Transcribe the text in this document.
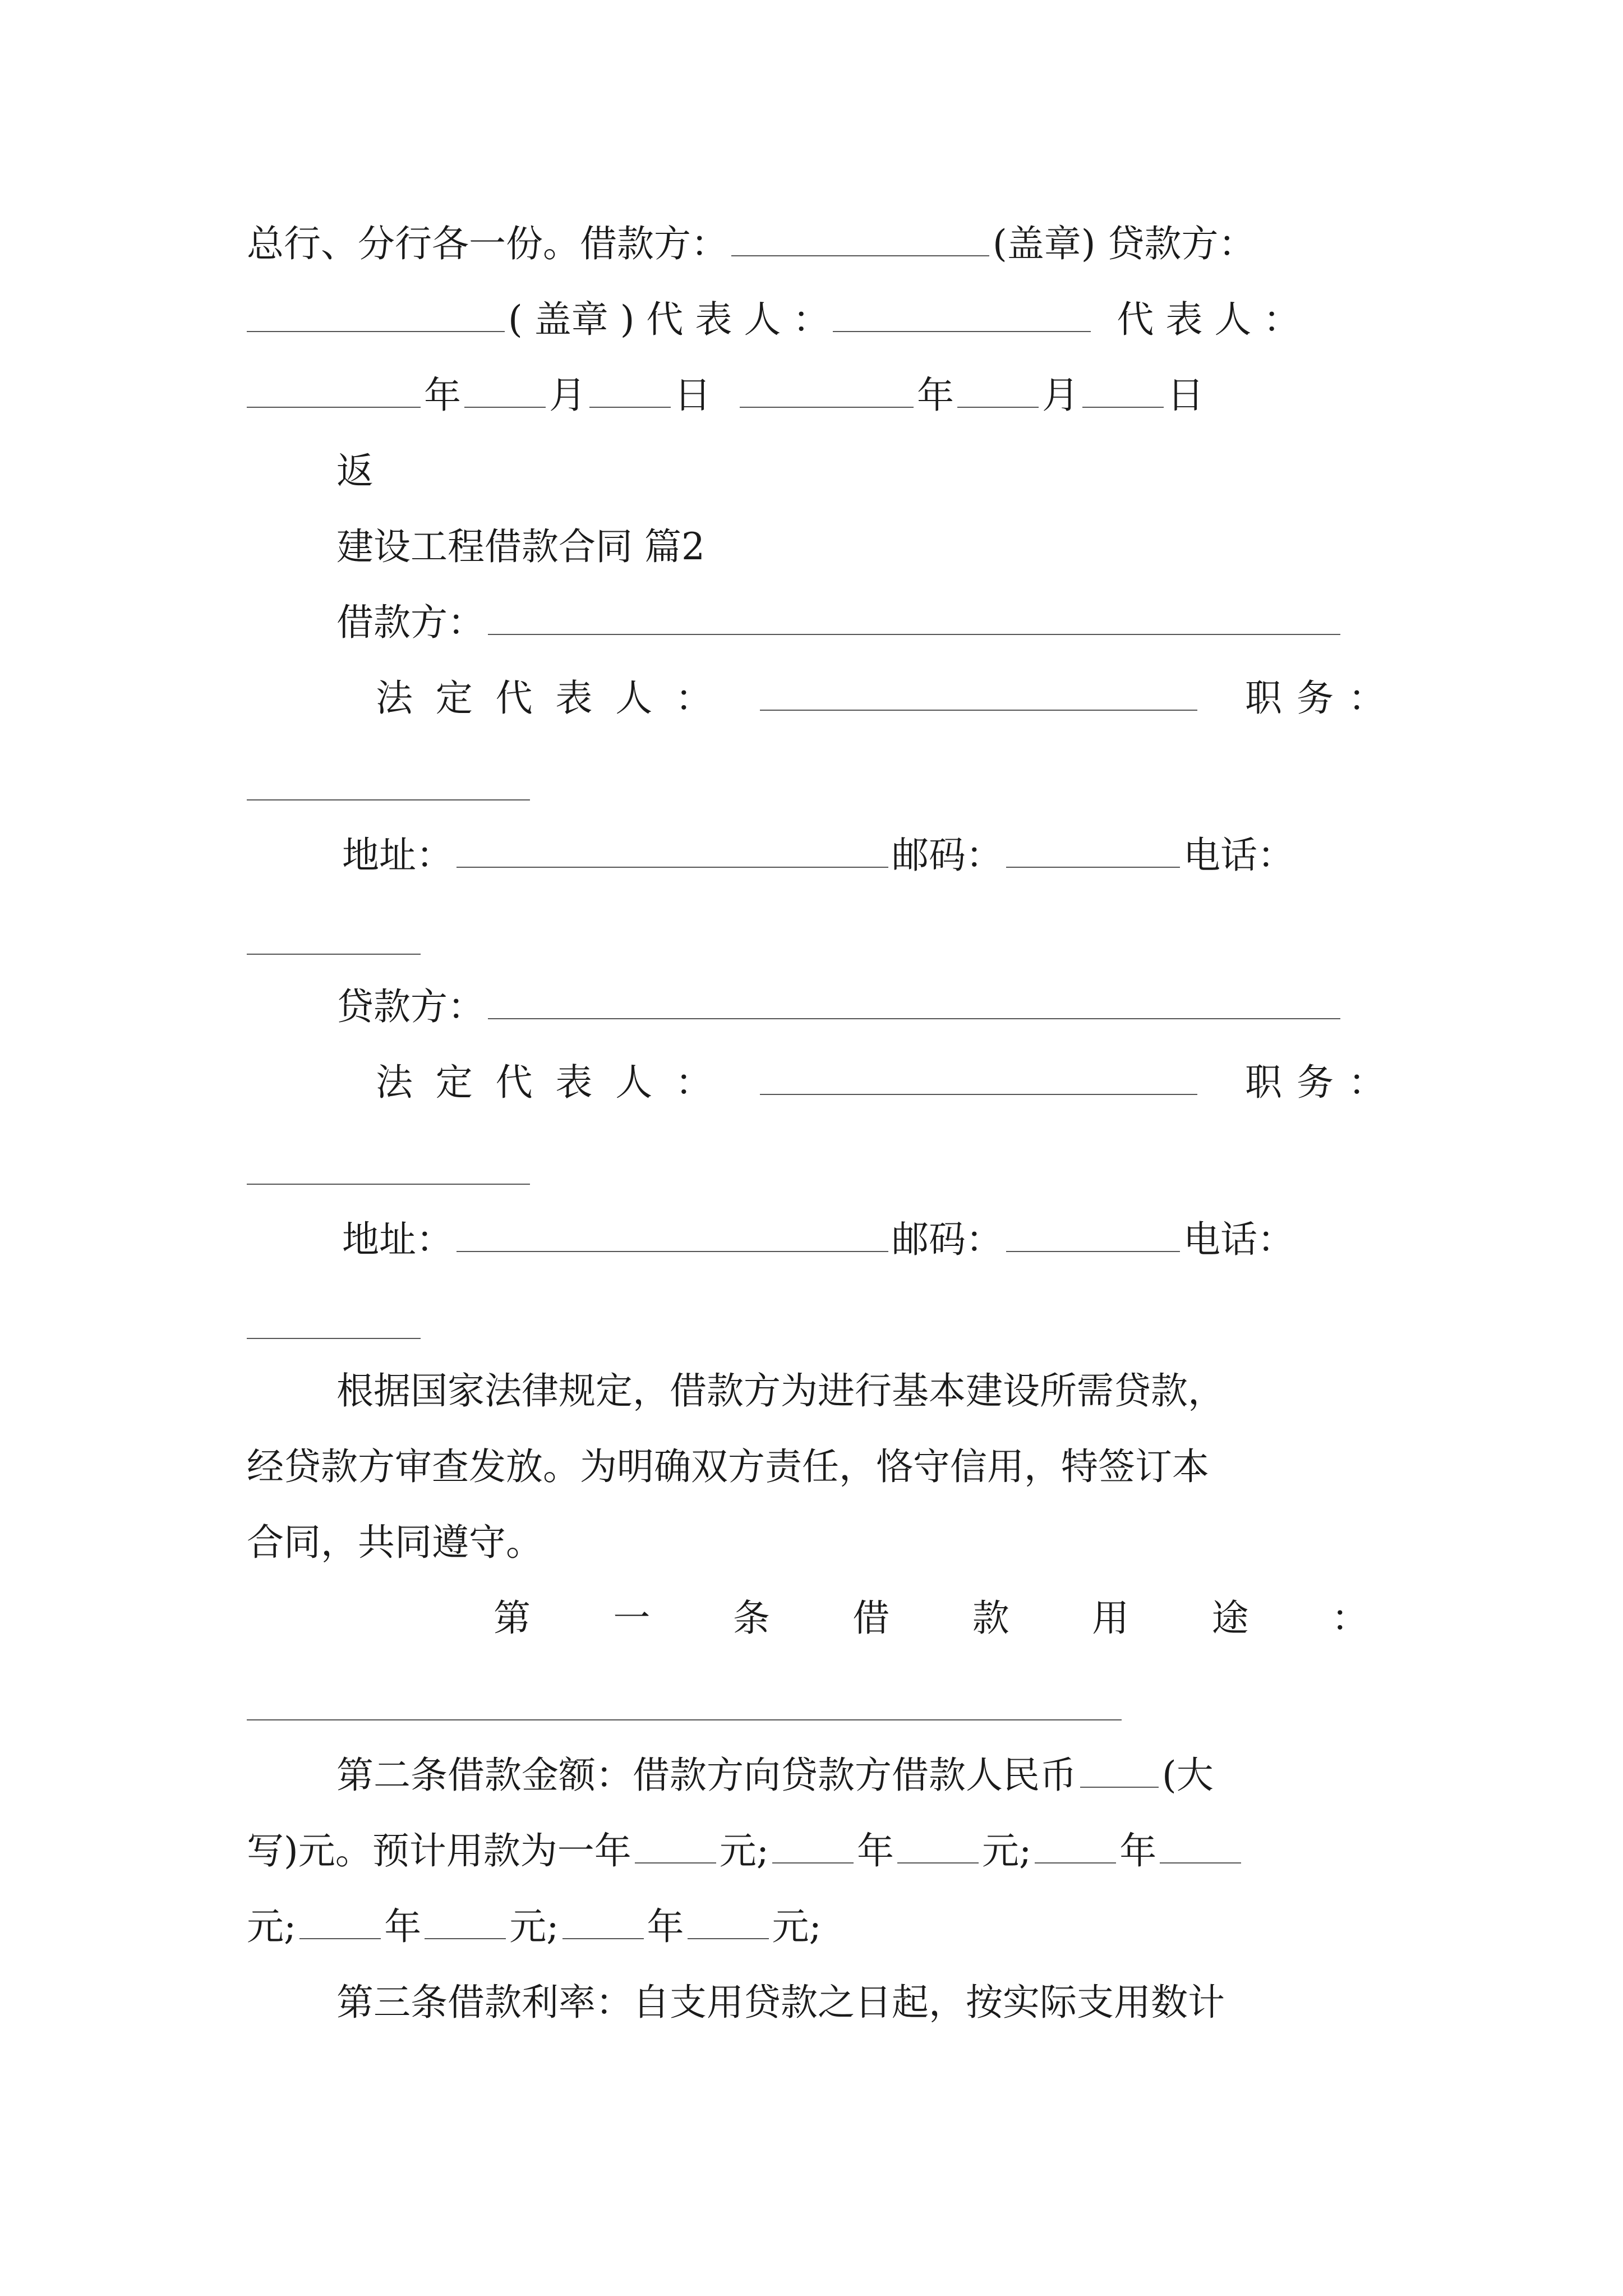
总行、分行各一份。借款方：	(盖章) 贷款方：
( 盖章 ) 代 表 人 ：	代 表 人 ：
年 月 日	年 月 日
返
建设工程借款合同 篇2
借款方：
法 定 代 表 人 ：	职 务 ：
地址：	邮码：	电话：
贷款方：
法 定 代 表 人 ：	职 务 ：
地址：	邮码：	电话：
根据国家法律规定，借款方为进行基本建设所需贷款，
经贷款方审查发放。为明确双方责任，恪守信用，特签订本
合同，共同遵守。
第 一 条 借 款 用 途 ：
第二条借款金额：借款方向贷款方借款人民币 (大
写)元。预计用款为一年 元; 年 元; 年
元; 年 元; 年 元;
第三条借款利率：自支用贷款之日起，按实际支用数计
